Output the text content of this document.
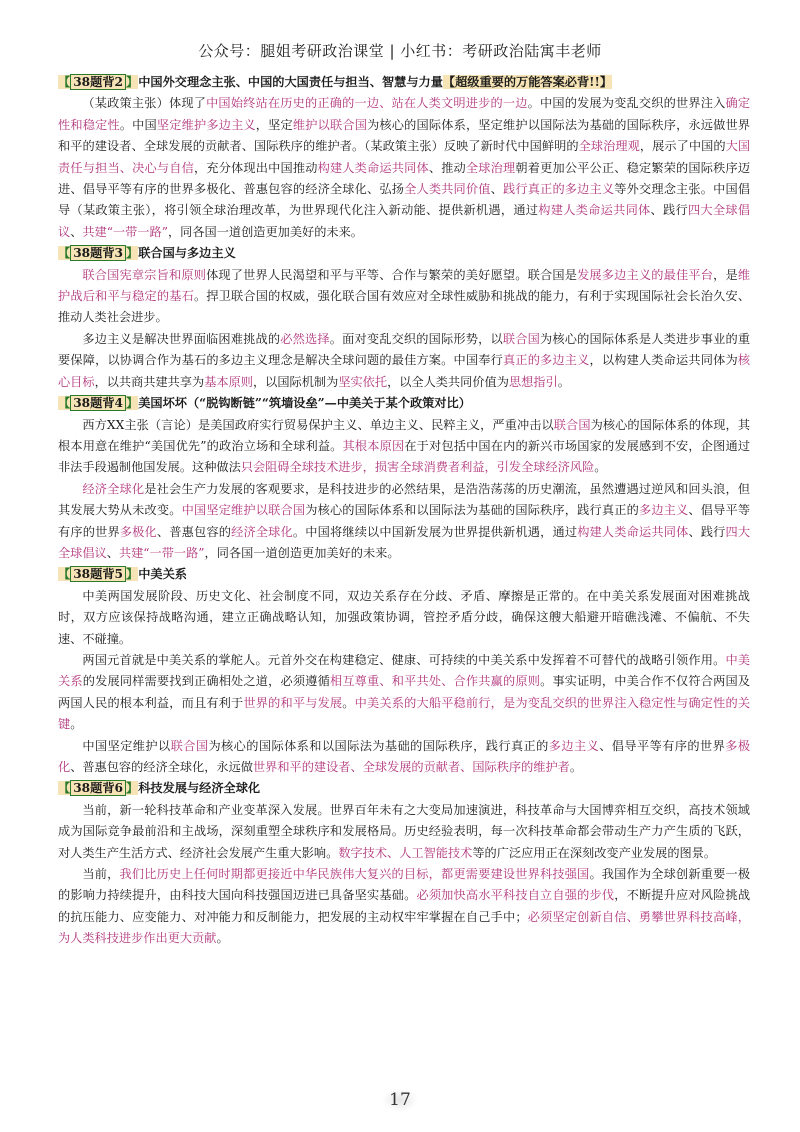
公众号：腿姐考研政治课堂 | 小红书：考研政治陆寓丰老师
【 38题背2 】中国外交理念主张、中国的大国责任与担当、智慧与力量【超级重要的万能答案必背!!】
（某政策主张）体现了中国始终站在历史的正确的一边、站在人类文明进步的一边。中国的发展为变乱交织的世界注入确定性和稳定性。中国坚定维护多边主义，坚定维护以联合国为核心的国际体系，坚定维护以国际法为基础的国际秩序，永远做世界和平的建设者、全球发展的贡献者、国际秩序的维护者。（某政策主张）反映了新时代中国鲜明的全球治理观，展示了中国的大国责任与担当、决心与自信，充分体现出中国推动构建人类命运共同体、推动全球治理朝着更加公平公正、稳定繁荣的国际秩序迈进、倡导平等有序的世界多极化、普惠包容的经济全球化、弘扬全人类共同价值、践行真正的多边主义等外交理念主张。中国倡导（某政策主张），将引领全球治理改革，为世界现代化注入新动能、提供新机遇，通过构建人类命运共同体、践行四大全球倡议、共建“一带一路”，同各国一道创造更加美好的未来。
【 38题背3 】联合国与多边主义
联合国宪章宗旨和原则体现了世界人民渴望和平与平等、合作与繁荣的美好愿望。联合国是发展多边主义的最佳平台，是维护战后和平与稳定的基石。捍卫联合国的权威，强化联合国有效应对全球性威胁和挑战的能力，有利于实现国际社会长治久安、推动人类社会进步。
多边主义是解决世界面临困难挑战的必然选择。面对变乱交织的国际形势，以联合国为核心的国际体系是人类进步事业的重要保障，以协调合作为基石的多边主义理念是解决全球问题的最佳方案。中国奉行真正的多边主义，以构建人类命运共同体为核心目标，以共商共建共享为基本原则，以国际机制为坚实依托，以全人类共同价值为思想指引。
【 38题背4 】美国坏坏（“脱钩断链”“筑墙设垒”—中美关于某个政策对比）
西方XX主张（言论）是美国政府实行贸易保护主义、单边主义、民粹主义，严重冲击以联合国为核心的国际体系的体现，其根本用意在维护“美国优先”的政治立场和全球利益。其根本原因在于对包括中国在内的新兴市场国家的发展感到不安，企图通过非法手段遏制他国发展。这种做法只会阻碍全球技术进步，损害全球消费者利益，引发全球经济风险。
经济全球化是社会生产力发展的客观要求，是科技进步的必然结果，是浩浩荡荡的历史潮流，虽然遭遇过逆风和回头浪，但其发展大势从未改变。中国坚定维护以联合国为核心的国际体系和以国际法为基础的国际秩序，践行真正的多边主义、倡导平等有序的世界多极化、普惠包容的经济全球化。中国将继续以中国新发展为世界提供新机遇，通过构建人类命运共同体、践行四大全球倡议、共建“一带一路”，同各国一道创造更加美好的未来。
【 38题背5 】中美关系
中美两国发展阶段、历史文化、社会制度不同，双边关系存在分歧、矛盾、摩擦是正常的。在中美关系发展面对困难挑战时，双方应该保持战略沟通，建立正确战略认知，加强政策协调，管控矛盾分歧，确保这艘大船避开暗礁浅滩、不偏航、不失速、不碰撞。
两国元首就是中美关系的掌舵人。元首外交在构建稳定、健康、可持续的中美关系中发挥着不可替代的战略引领作用。中美关系的发展同样需要找到正确相处之道，必须遵循相互尊重、和平共处、合作共赢的原则。事实证明，中美合作不仅符合两国及两国人民的根本利益，而且有利于世界的和平与发展。中美关系的大船平稳前行，是为变乱交织的世界注入稳定性与确定性的关键。
中国坚定维护以联合国为核心的国际体系和以国际法为基础的国际秩序，践行真正的多边主义、倡导平等有序的世界多极化、普惠包容的经济全球化，永远做世界和平的建设者、全球发展的贡献者、国际秩序的维护者。
【 38题背6 】科技发展与经济全球化
当前，新一轮科技革命和产业变革深入发展。世界百年未有之大变局加速演进，科技革命与大国博弈相互交织，高技术领域成为国际竞争最前沿和主战场，深刻重塑全球秩序和发展格局。历史经验表明，每一次科技革命都会带动生产力产生质的飞跃，对人类生产生活方式、经济社会发展产生重大影响。数字技术、人工智能技术等的广泛应用正在深刻改变产业发展的图景。
当前，我们比历史上任何时期都更接近中华民族伟大复兴的目标，都更需要建设世界科技强国。我国作为全球创新重要一极的影响力持续提升，由科技大国向科技强国迈进已具备坚实基础。必须加快高水平科技自立自强的步伐，不断提升应对风险挑战的抗压能力、应变能力、对冲能力和反制能力，把发展的主动权牢牢掌握在自己手中；必须坚定创新自信、勇攀世界科技高峰，为人类科技进步作出更大贡献。
17
